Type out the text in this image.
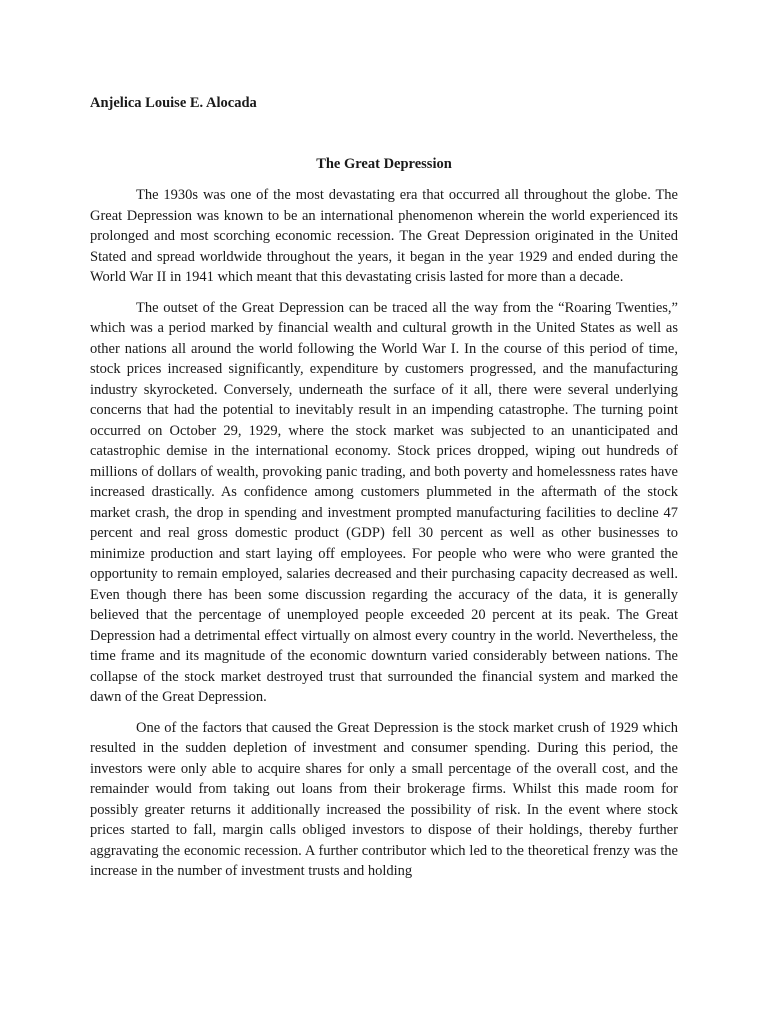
Anjelica Louise E. Alocada

The Great Depression

The 1930s was one of the most devastating era that occurred all throughout the globe. The Great Depression was known to be an international phenomenon wherein the world experienced its prolonged and most scorching economic recession. The Great Depression originated in the United Stated and spread worldwide throughout the years, it began in the year 1929 and ended during the World War II in 1941 which meant that this devastating crisis lasted for more than a decade.

The outset of the Great Depression can be traced all the way from the “Roaring Twenties,” which was a period marked by financial wealth and cultural growth in the United States as well as other nations all around the world following the World War I. In the course of this period of time, stock prices increased significantly, expenditure by customers progressed, and the manufacturing industry skyrocketed. Conversely, underneath the surface of it all, there were several underlying concerns that had the potential to inevitably result in an impending catastrophe. The turning point occurred on October 29, 1929, where the stock market was subjected to an unanticipated and catastrophic demise in the international economy. Stock prices dropped, wiping out hundreds of millions of dollars of wealth, provoking panic trading, and both poverty and homelessness rates have increased drastically. As confidence among customers plummeted in the aftermath of the stock market crash, the drop in spending and investment prompted manufacturing facilities to decline 47 percent and real gross domestic product (GDP) fell 30 percent as well as other businesses to minimize production and start laying off employees. For people who were who were granted the opportunity to remain employed, salaries decreased and their purchasing capacity decreased as well. Even though there has been some discussion regarding the accuracy of the data, it is generally believed that the percentage of unemployed people exceeded 20 percent at its peak. The Great Depression had a detrimental effect virtually on almost every country in the world. Nevertheless, the time frame and its magnitude of the economic downturn varied considerably between nations. The collapse of the stock market destroyed trust that surrounded the financial system and marked the dawn of the Great Depression.

One of the factors that caused the Great Depression is the stock market crush of 1929 which resulted in the sudden depletion of investment and consumer spending. During this period, the investors were only able to acquire shares for only a small percentage of the overall cost, and the remainder would from taking out loans from their brokerage firms. Whilst this made room for possibly greater returns it additionally increased the possibility of risk. In the event where stock prices started to fall, margin calls obliged investors to dispose of their holdings, thereby further aggravating the economic recession. A further contributor which led to the theoretical frenzy was the increase in the number of investment trusts and holding
